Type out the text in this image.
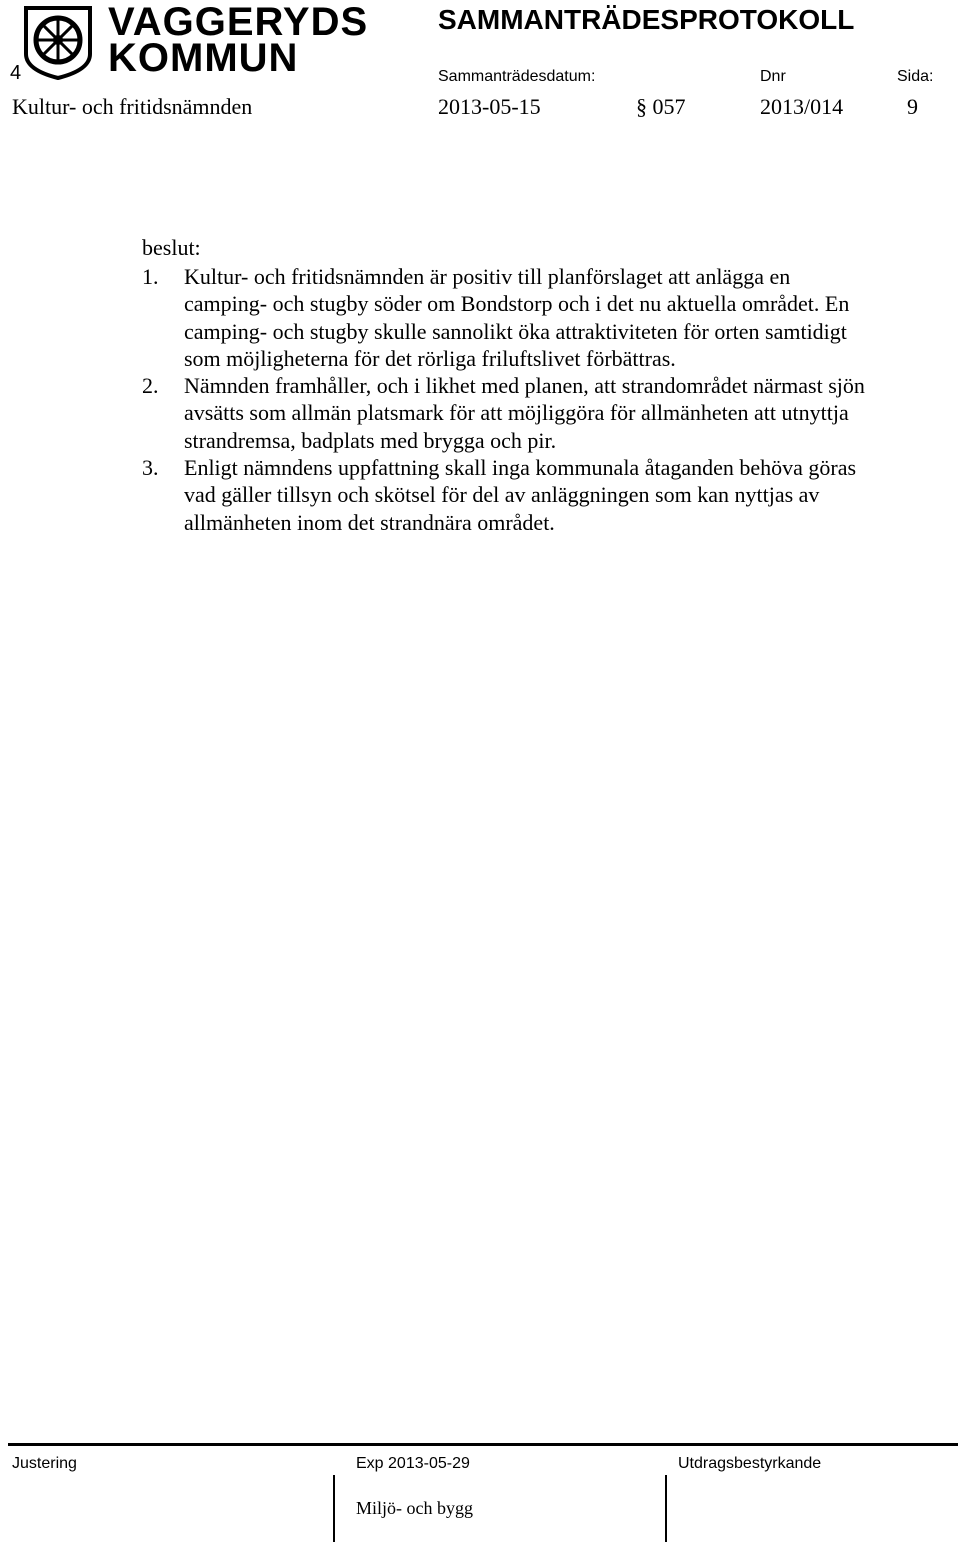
VAGGERYDS
KOMMUN
4
SAMMANTRÄDESPROTOKOLL
Sammanträdesdatum:	Dnr	Sida:
Kultur- och fritidsnämnden	2013-05-15	§ 057	2013/014	9
beslut:
1. Kultur- och fritidsnämnden är positiv till planförslaget att anlägga en camping- och stugby söder om Bondstorp och i det nu aktuella området. En camping- och stugby skulle sannolikt öka attraktiviteten för orten samtidigt som möjligheterna för det rörliga friluftslivet förbättras.
2. Nämnden framhåller, och i likhet med planen, att strandområdet närmast sjön avsätts som allmän platsmark för att möjliggöra för allmänheten att utnyttja strandremsa, badplats med brygga och pir.
3. Enligt nämndens uppfattning skall inga kommunala åtaganden behöva göras vad gäller tillsyn och skötsel för del av anläggningen som kan nyttjas av allmänheten inom det strandnära området.
Justering	Exp 2013-05-29	Utdragsbestyrkande
Miljö- och bygg
